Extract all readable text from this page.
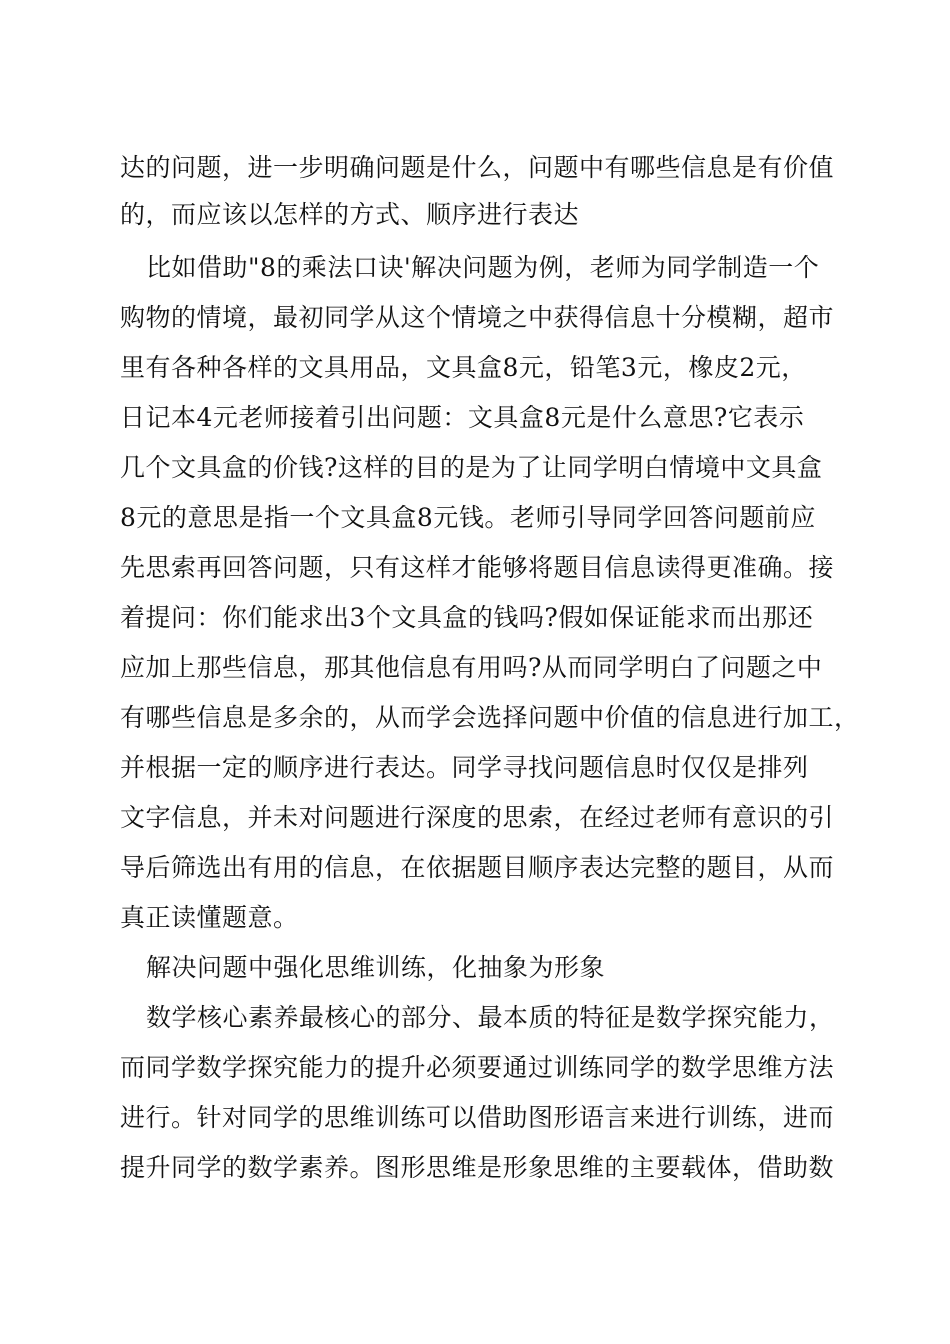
达的问题，进一步明确问题是什么，问题中有哪些信息是有价值
的，而应该以怎样的方式、顺序进行表达
比如借助"8的乘法口诀'解决问题为例，老师为同学制造一个
购物的情境，最初同学从这个情境之中获得信息十分模糊，超市
里有各种各样的文具用品，文具盒8元，铅笔3元，橡皮2元，
日记本4元老师接着引出问题：文具盒8元是什么意思?它表示
几个文具盒的价钱?这样的目的是为了让同学明白情境中文具盒
8元的意思是指一个文具盒8元钱。老师引导同学回答问题前应
先思索再回答问题，只有这样才能够将题目信息读得更准确。接
着提问：你们能求出3个文具盒的钱吗?假如保证能求而出那还
应加上那些信息，那其他信息有用吗?从而同学明白了问题之中
有哪些信息是多余的，从而学会选择问题中价值的信息进行加工，
并根据一定的顺序进行表达。同学寻找问题信息时仅仅是排列
文字信息，并未对问题进行深度的思索，在经过老师有意识的引
导后筛选出有用的信息，在依据题目顺序表达完整的题目，从而
真正读懂题意。
解决问题中强化思维训练，化抽象为形象
数学核心素养最核心的部分、最本质的特征是数学探究能力，
而同学数学探究能力的提升必须要通过训练同学的数学思维方法
进行。针对同学的思维训练可以借助图形语言来进行训练，进而
提升同学的数学素养。图形思维是形象思维的主要载体，借助数
